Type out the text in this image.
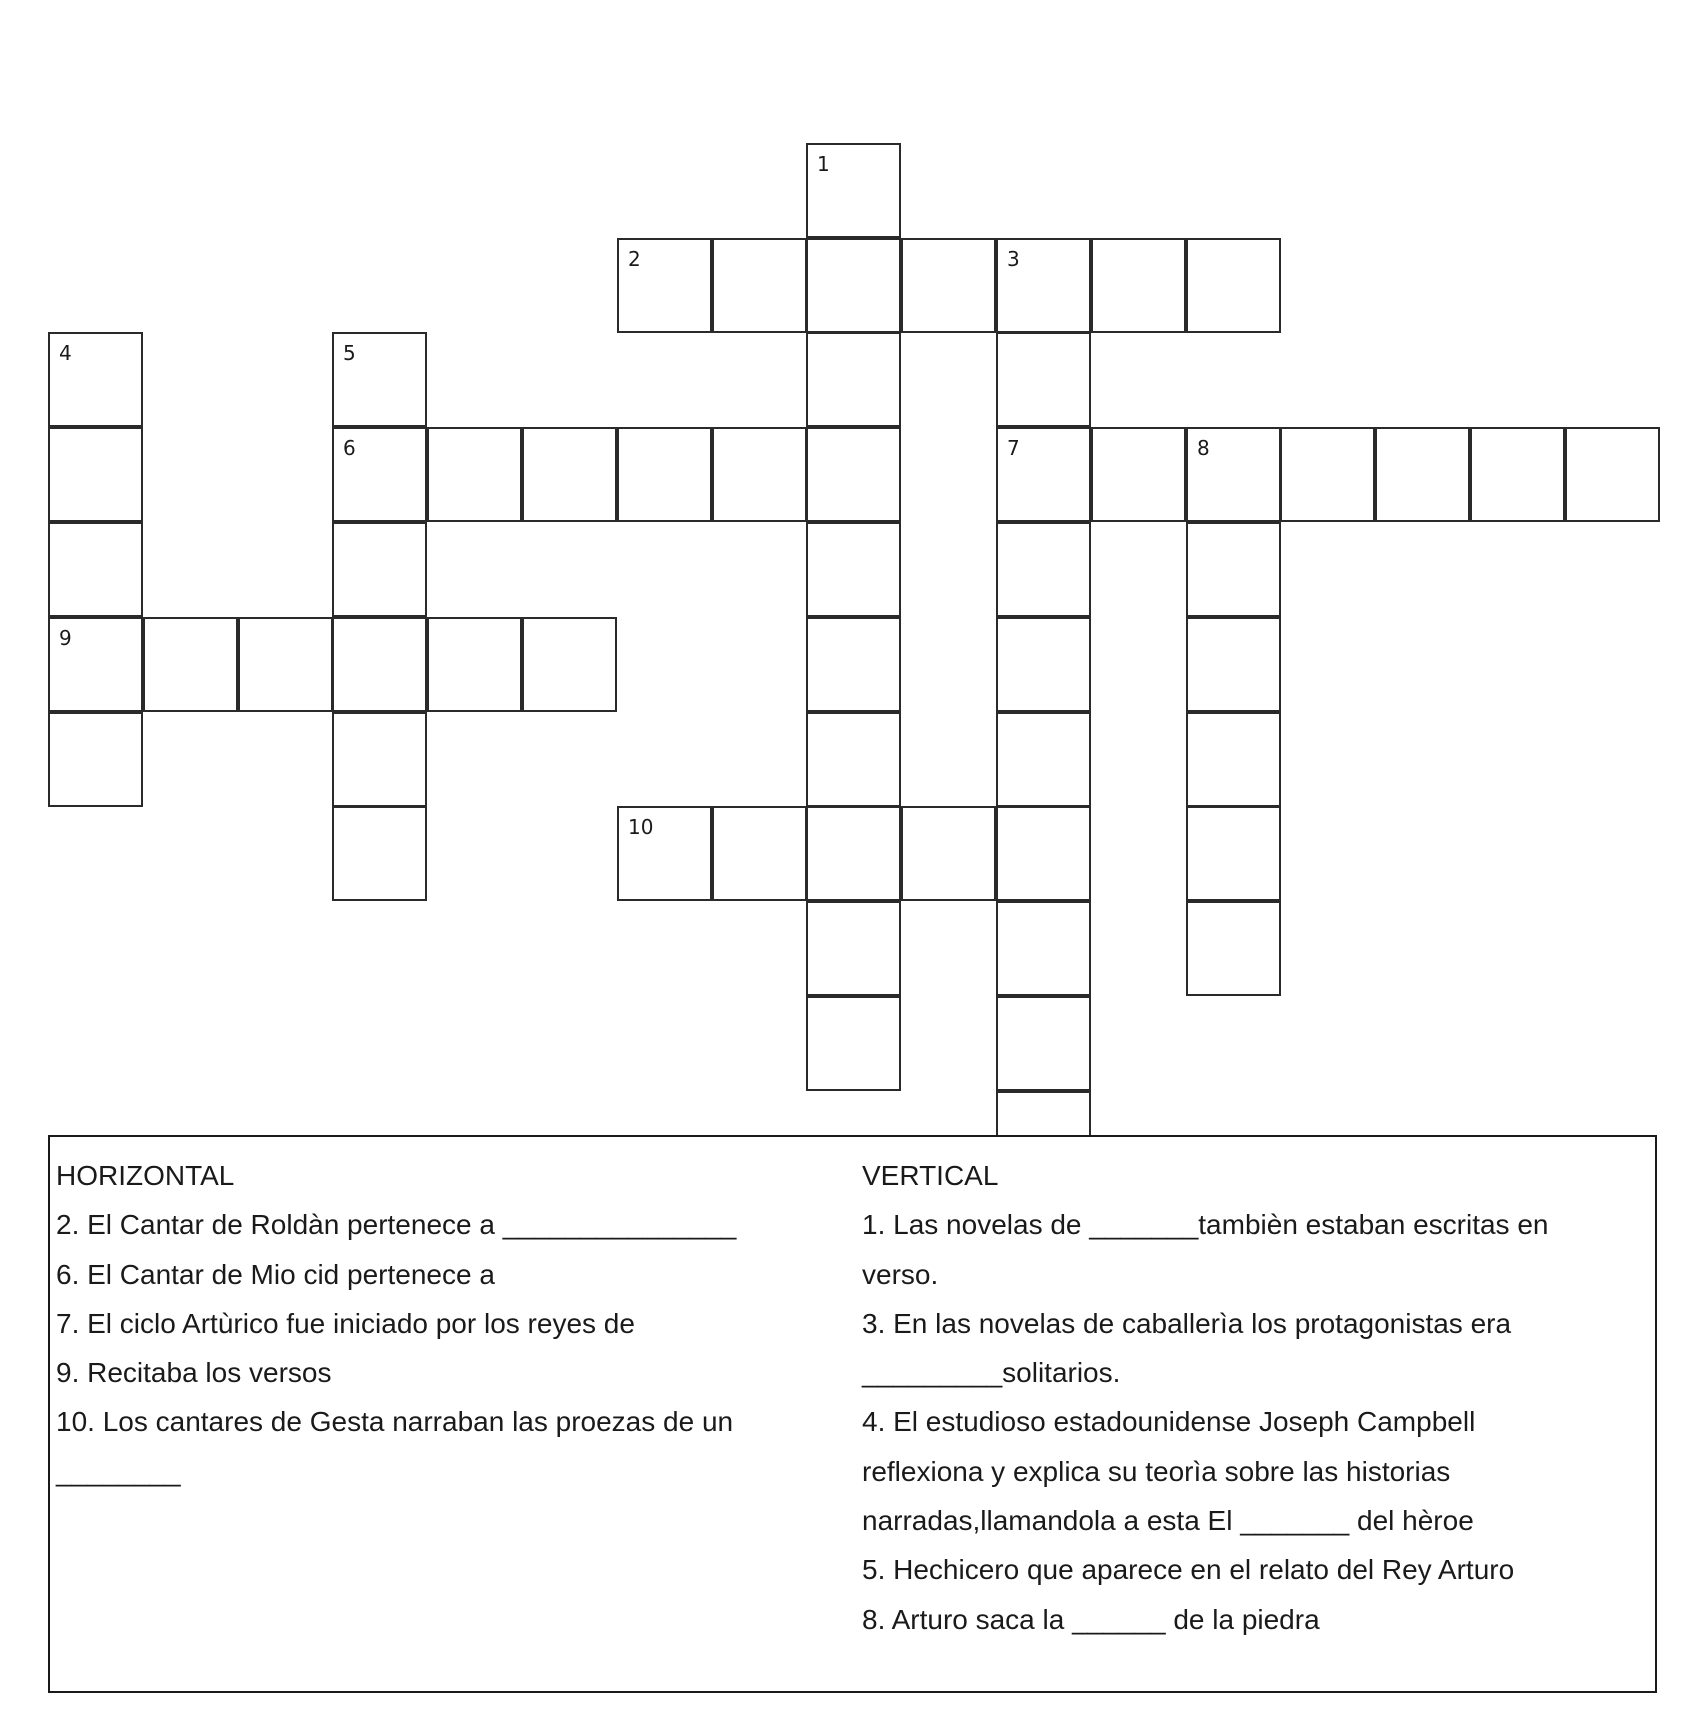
1
2	3
4	5
6	7	8
9
10
HORIZONTAL
2. El Cantar de Roldàn pertenece a _______________
6. El Cantar de Mio cid pertenece a
7. El ciclo Artùrico fue iniciado por los reyes de
9. Recitaba los versos
10. Los cantares de Gesta narraban las proezas de un
________
VERTICAL
1. Las novelas de _______tambièn estaban escritas en
verso.
3. En las novelas de caballerìa los protagonistas era
_________solitarios.
4. El estudioso estadounidense Joseph Campbell
reflexiona y explica su teorìa sobre las historias
narradas,llamandola a esta El _______ del hèroe
5. Hechicero que aparece en el relato del Rey Arturo
8. Arturo saca la ______ de la piedra
